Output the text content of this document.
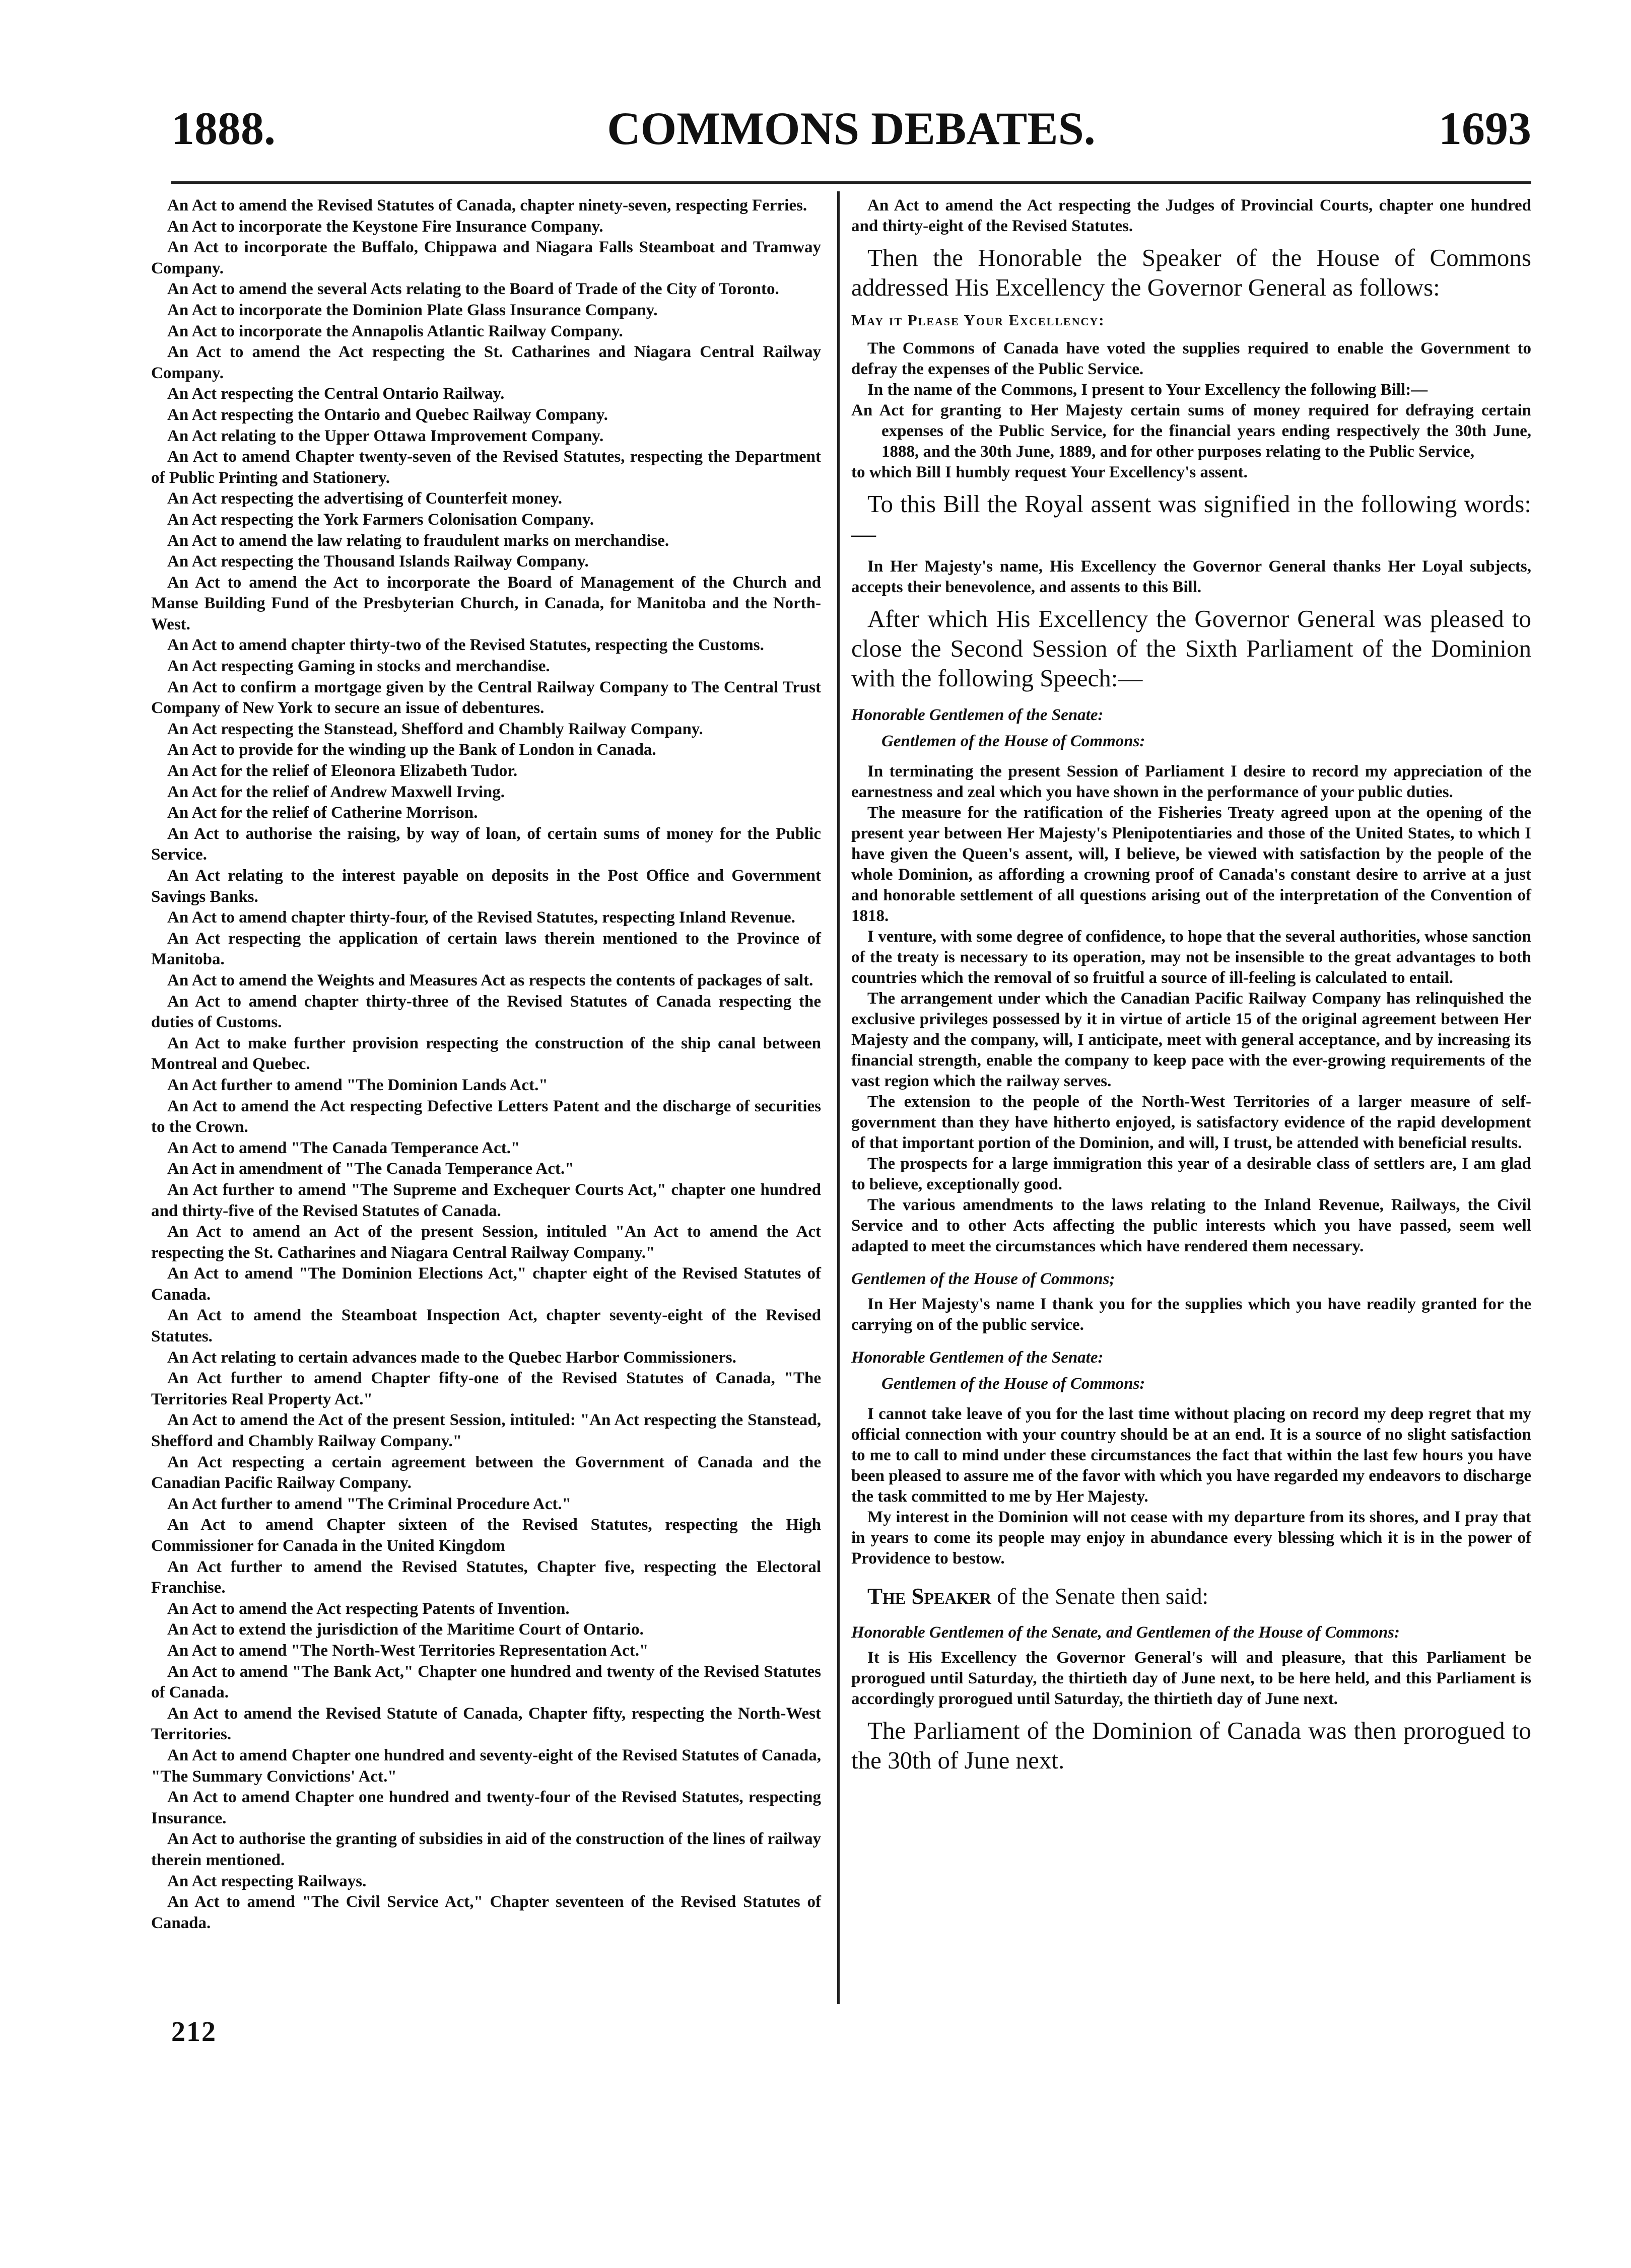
1888.	COMMONS DEBATES.	1693

An Act to amend the Revised Statutes of Canada, chapter ninety-seven, respecting Ferries.

An Act to incorporate the Keystone Fire Insurance Company.

An Act to incorporate the Buffalo, Chippawa and Niagara Falls Steamboat and Tramway Company.

An Act to amend the several Acts relating to the Board of Trade of the City of Toronto.

An Act to incorporate the Dominion Plate Glass Insurance Company.

An Act to incorporate the Annapolis Atlantic Railway Company.

An Act to amend the Act respecting the St. Catharines and Niagara Central Railway Company.

An Act respecting the Central Ontario Railway.

An Act respecting the Ontario and Quebec Railway Company.

An Act relating to the Upper Ottawa Improvement Company.

An Act to amend Chapter twenty-seven of the Revised Statutes, respecting the Department of Public Printing and Stationery.

An Act respecting the advertising of Counterfeit money.

An Act respecting the York Farmers Colonisation Company.

An Act to amend the law relating to fraudulent marks on merchandise.

An Act respecting the Thousand Islands Railway Company.

An Act to amend the Act to incorporate the Board of Management of the Church and Manse Building Fund of the Presbyterian Church, in Canada, for Manitoba and the North-West.

An Act to amend chapter thirty-two of the Revised Statutes, respecting the Customs.

An Act respecting Gaming in stocks and merchandise.

An Act to confirm a mortgage given by the Central Railway Company to The Central Trust Company of New York to secure an issue of debentures.

An Act respecting the Stanstead, Shefford and Chambly Railway Company.

An Act to provide for the winding up the Bank of London in Canada.

An Act for the relief of Eleonora Elizabeth Tudor.

An Act for the relief of Andrew Maxwell Irving.

An Act for the relief of Catherine Morrison.

An Act to authorise the raising, by way of loan, of certain sums of money for the Public Service.

An Act relating to the interest payable on deposits in the Post Office and Government Savings Banks.

An Act to amend chapter thirty-four, of the Revised Statutes, respecting Inland Revenue.

An Act respecting the application of certain laws therein mentioned to the Province of Manitoba.

An Act to amend the Weights and Measures Act as respects the contents of packages of salt.

An Act to amend chapter thirty-three of the Revised Statutes of Canada respecting the duties of Customs.

An Act to make further provision respecting the construction of the ship canal between Montreal and Quebec.

An Act further to amend "The Dominion Lands Act."

An Act to amend the Act respecting Defective Letters Patent and the discharge of securities to the Crown.

An Act to amend "The Canada Temperance Act."

An Act in amendment of "The Canada Temperance Act."

An Act further to amend "The Supreme and Exchequer Courts Act," chapter one hundred and thirty-five of the Revised Statutes of Canada.

An Act to amend an Act of the present Session, intituled "An Act to amend the Act respecting the St. Catharines and Niagara Central Railway Company."

An Act to amend "The Dominion Elections Act," chapter eight of the Revised Statutes of Canada.

An Act to amend the Steamboat Inspection Act, chapter seventy-eight of the Revised Statutes.

An Act relating to certain advances made to the Quebec Harbor Commissioners.

An Act further to amend Chapter fifty-one of the Revised Statutes of Canada, "The Territories Real Property Act."

An Act to amend the Act of the present Session, intituled: "An Act respecting the Stanstead, Shefford and Chambly Railway Company."

An Act respecting a certain agreement between the Government of Canada and the Canadian Pacific Railway Company.

An Act further to amend "The Criminal Procedure Act."

An Act to amend Chapter sixteen of the Revised Statutes, respecting the High Commissioner for Canada in the United Kingdom

An Act further to amend the Revised Statutes, Chapter five, respecting the Electoral Franchise.

An Act to amend the Act respecting Patents of Invention.

An Act to extend the jurisdiction of the Maritime Court of Ontario.

An Act to amend "The North-West Territories Representation Act."

An Act to amend "The Bank Act," Chapter one hundred and twenty of the Revised Statutes of Canada.

An Act to amend the Revised Statute of Canada, Chapter fifty, respecting the North-West Territories.

An Act to amend Chapter one hundred and seventy-eight of the Revised Statutes of Canada, "The Summary Convictions' Act."

An Act to amend Chapter one hundred and twenty-four of the Revised Statutes, respecting Insurance.

An Act to authorise the granting of subsidies in aid of the construction of the lines of railway therein mentioned.

An Act respecting Railways.

An Act to amend "The Civil Service Act," Chapter seventeen of the Revised Statutes of Canada.

An Act to amend the Act respecting the Judges of Provincial Courts, chapter one hundred and thirty-eight of the Revised Statutes.

Then the Honorable the Speaker of the House of Commons addressed His Excellency the Governor General as follows:

May it Please Your Excellency:

The Commons of Canada have voted the supplies required to enable the Government to defray the expenses of the Public Service.

In the name of the Commons, I present to Your Excellency the following Bill:—

An Act for granting to Her Majesty certain sums of money required for defraying certain expenses of the Public Service, for the financial years ending respectively the 30th June, 1888, and the 30th June, 1889, and for other purposes relating to the Public Service,

to which Bill I humbly request Your Excellency's assent.

To this Bill the Royal assent was signified in the following words:—

In Her Majesty's name, His Excellency the Governor General thanks Her Loyal subjects, accepts their benevolence, and assents to this Bill.

After which His Excellency the Governor General was pleased to close the Second Session of the Sixth Parliament of the Dominion with the following Speech:—

Honorable Gentlemen of the Senate:

Gentlemen of the House of Commons:

In terminating the present Session of Parliament I desire to record my appreciation of the earnestness and zeal which you have shown in the performance of your public duties.

The measure for the ratification of the Fisheries Treaty agreed upon at the opening of the present year between Her Majesty's Plenipotentiaries and those of the United States, to which I have given the Queen's assent, will, I believe, be viewed with satisfaction by the people of the whole Dominion, as affording a crowning proof of Canada's constant desire to arrive at a just and honorable settlement of all questions arising out of the interpretation of the Convention of 1818.

I venture, with some degree of confidence, to hope that the several authorities, whose sanction of the treaty is necessary to its operation, may not be insensible to the great advantages to both countries which the removal of so fruitful a source of ill-feeling is calculated to entail.

The arrangement under which the Canadian Pacific Railway Company has relinquished the exclusive privileges possessed by it in virtue of article 15 of the original agreement between Her Majesty and the company, will, I anticipate, meet with general acceptance, and by increasing its financial strength, enable the company to keep pace with the ever-growing requirements of the vast region which the railway serves.

The extension to the people of the North-West Territories of a larger measure of self-government than they have hitherto enjoyed, is satisfactory evidence of the rapid development of that important portion of the Dominion, and will, I trust, be attended with beneficial results.

The prospects for a large immigration this year of a desirable class of settlers are, I am glad to believe, exceptionally good.

The various amendments to the laws relating to the Inland Revenue, Railways, the Civil Service and to other Acts affecting the public interests which you have passed, seem well adapted to meet the circumstances which have rendered them necessary.

Gentlemen of the House of Commons;

In Her Majesty's name I thank you for the supplies which you have readily granted for the carrying on of the public service.

Honorable Gentlemen of the Senate:

Gentlemen of the House of Commons:

I cannot take leave of you for the last time without placing on record my deep regret that my official connection with your country should be at an end. It is a source of no slight satisfaction to me to call to mind under these circumstances the fact that within the last few hours you have been pleased to assure me of the favor with which you have regarded my endeavors to discharge the task committed to me by Her Majesty.

My interest in the Dominion will not cease with my departure from its shores, and I pray that in years to come its people may enjoy in abundance every blessing which it is in the power of Providence to bestow.

The Speaker of the Senate then said:

Honorable Gentlemen of the Senate, and Gentlemen of the House of Commons:

It is His Excellency the Governor General's will and pleasure, that this Parliament be prorogued until Saturday, the thirtieth day of June next, to be here held, and this Parliament is accordingly prorogued until Saturday, the thirtieth day of June next.

The Parliament of the Dominion of Canada was then prorogued to the 30th of June next.

212
